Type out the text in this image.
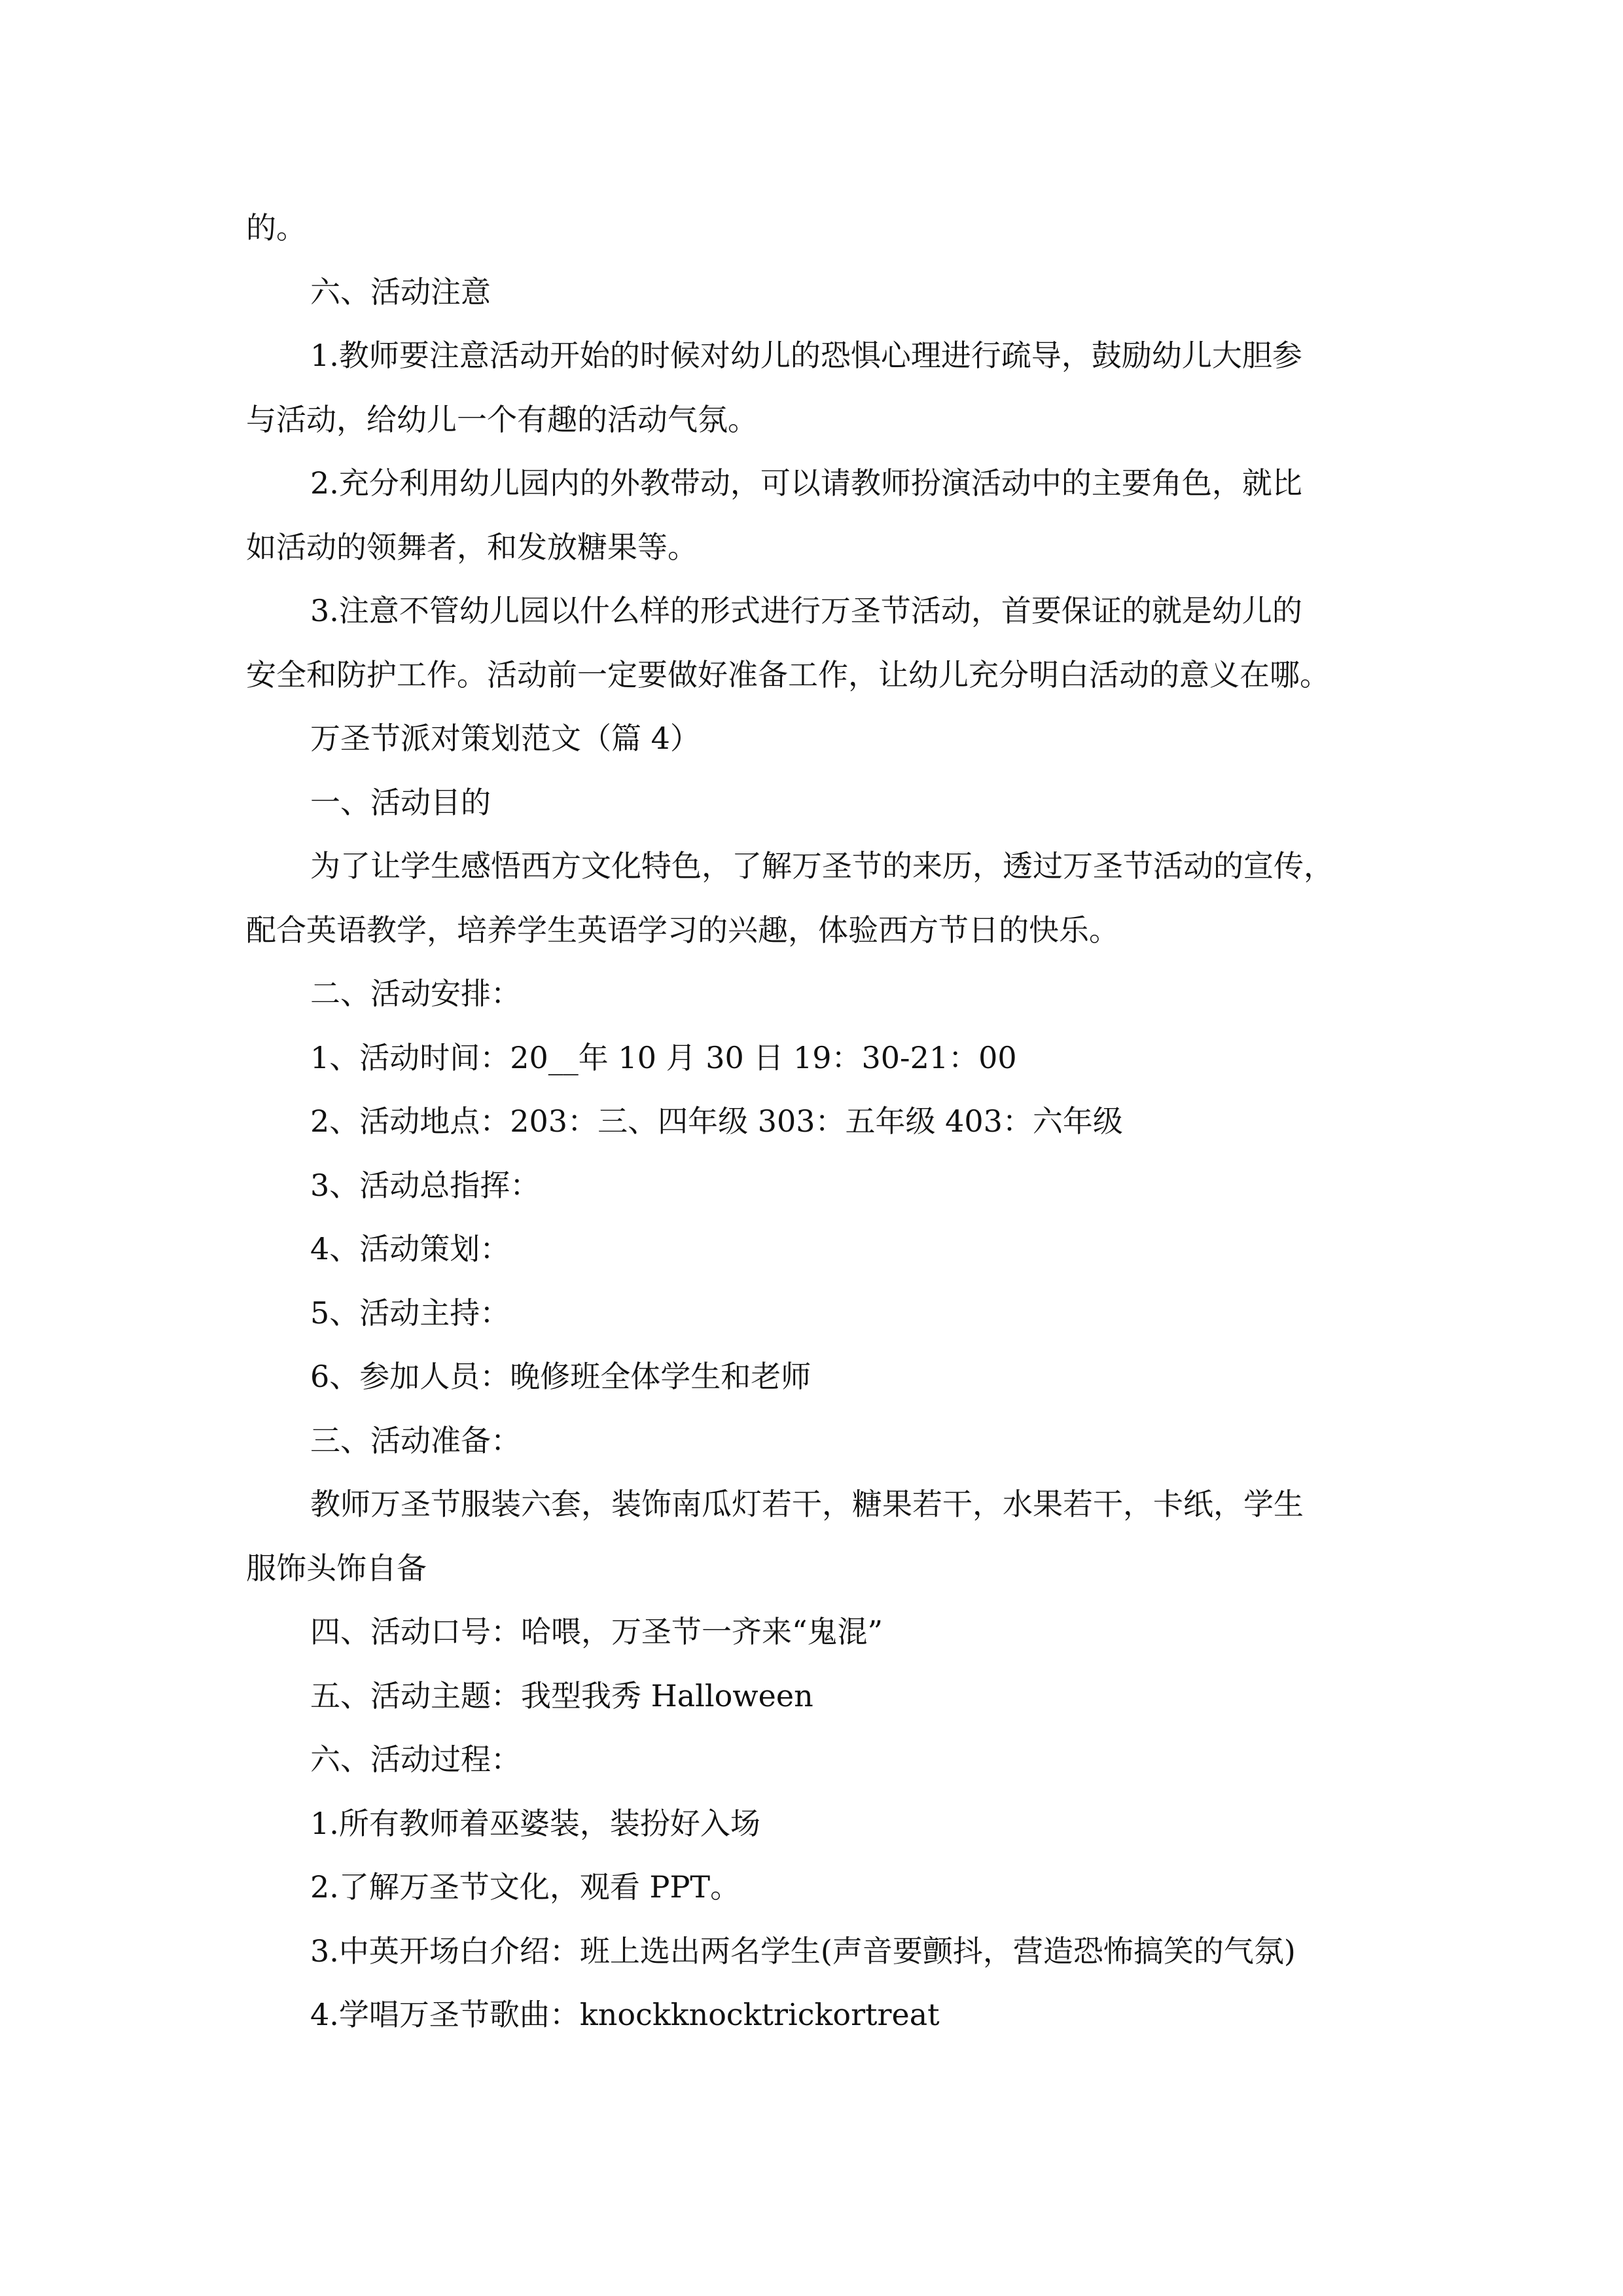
的。

六、活动注意

1.教师要注意活动开始的时候对幼儿的恐惧心理进行疏导，鼓励幼儿大胆参

与活动，给幼儿一个有趣的活动气氛。

2.充分利用幼儿园内的外教带动，可以请教师扮演活动中的主要角色，就比

如活动的领舞者，和发放糖果等。

3.注意不管幼儿园以什么样的形式进行万圣节活动，首要保证的就是幼儿的

安全和防护工作。活动前一定要做好准备工作，让幼儿充分明白活动的意义在哪。

万圣节派对策划范文（篇 4）

一、活动目的

为了让学生感悟西方文化特色，了解万圣节的来历，透过万圣节活动的宣传，

配合英语教学，培养学生英语学习的兴趣，体验西方节日的快乐。

二、活动安排：

1、活动时间：20__年 10 月 30 日 19：30-21：00

2、活动地点：203：三、四年级 303：五年级 403：六年级

3、活动总指挥：

4、活动策划：

5、活动主持：

6、参加人员：晚修班全体学生和老师

三、活动准备：

教师万圣节服装六套，装饰南瓜灯若干，糖果若干，水果若干，卡纸，学生

服饰头饰自备

四、活动口号：哈喂，万圣节一齐来“鬼混”

五、活动主题：我型我秀 Halloween

六、活动过程：

1.所有教师着巫婆装，装扮好入场

2.了解万圣节文化，观看 PPT。

3.中英开场白介绍：班上选出两名学生(声音要颤抖，营造恐怖搞笑的气氛)

4.学唱万圣节歌曲：knockknocktrickortreat
